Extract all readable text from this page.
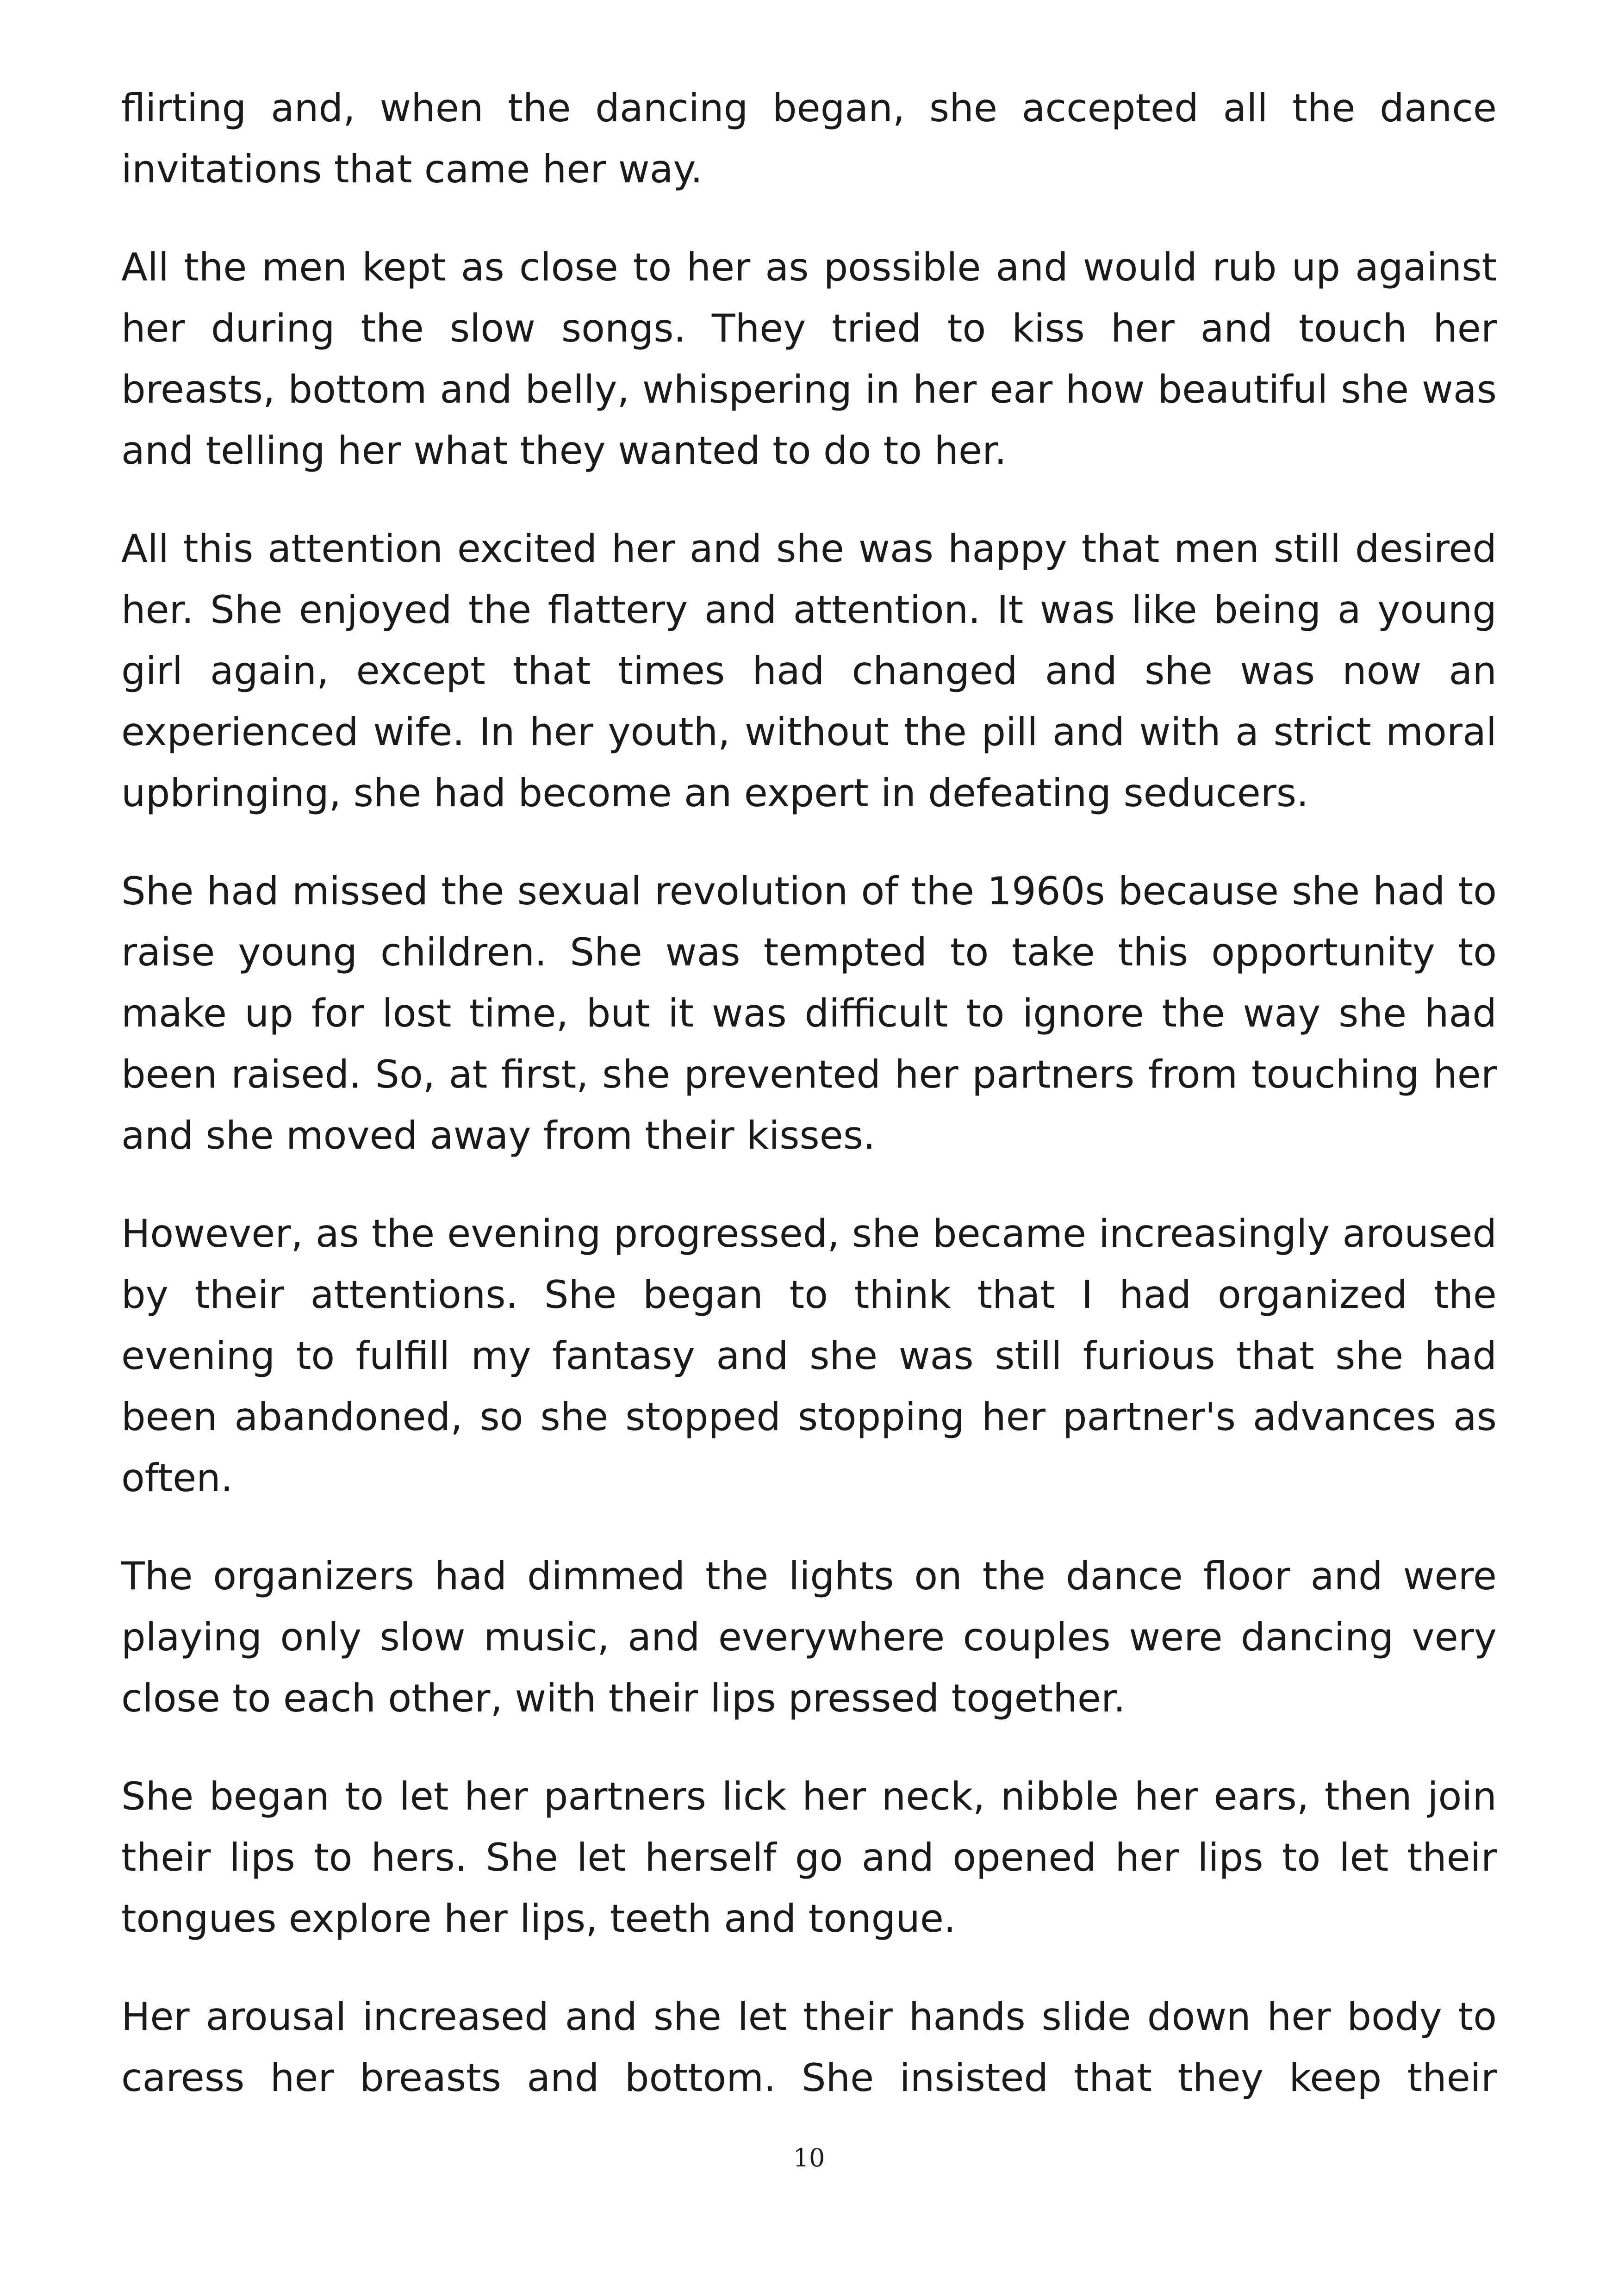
flirting and, when the dancing began, she accepted all the dance invitations that came her way.

All the men kept as close to her as possible and would rub up against her during the slow songs. They tried to kiss her and touch her breasts, bottom and belly, whispering in her ear how beautiful she was and telling her what they wanted to do to her.

All this attention excited her and she was happy that men still desired her. She enjoyed the flattery and attention. It was like being a young girl again, except that times had changed and she was now an experienced wife. In her youth, without the pill and with a strict moral upbringing, she had become an expert in defeating seducers.

She had missed the sexual revolution of the 1960s because she had to raise young children. She was tempted to take this opportunity to make up for lost time, but it was difficult to ignore the way she had been raised. So, at first, she prevented her partners from touching her and she moved away from their kisses.

However, as the evening progressed, she became increasingly aroused by their attentions. She began to think that I had organized the evening to fulfill my fantasy and she was still furious that she had been abandoned, so she stopped stopping her partner's advances as often.

The organizers had dimmed the lights on the dance floor and were playing only slow music, and everywhere couples were dancing very close to each other, with their lips pressed together.

She began to let her partners lick her neck, nibble her ears, then join their lips to hers. She let herself go and opened her lips to let their tongues explore her lips, teeth and tongue.

Her arousal increased and she let their hands slide down her body to caress her breasts and bottom. She insisted that they keep their

10
